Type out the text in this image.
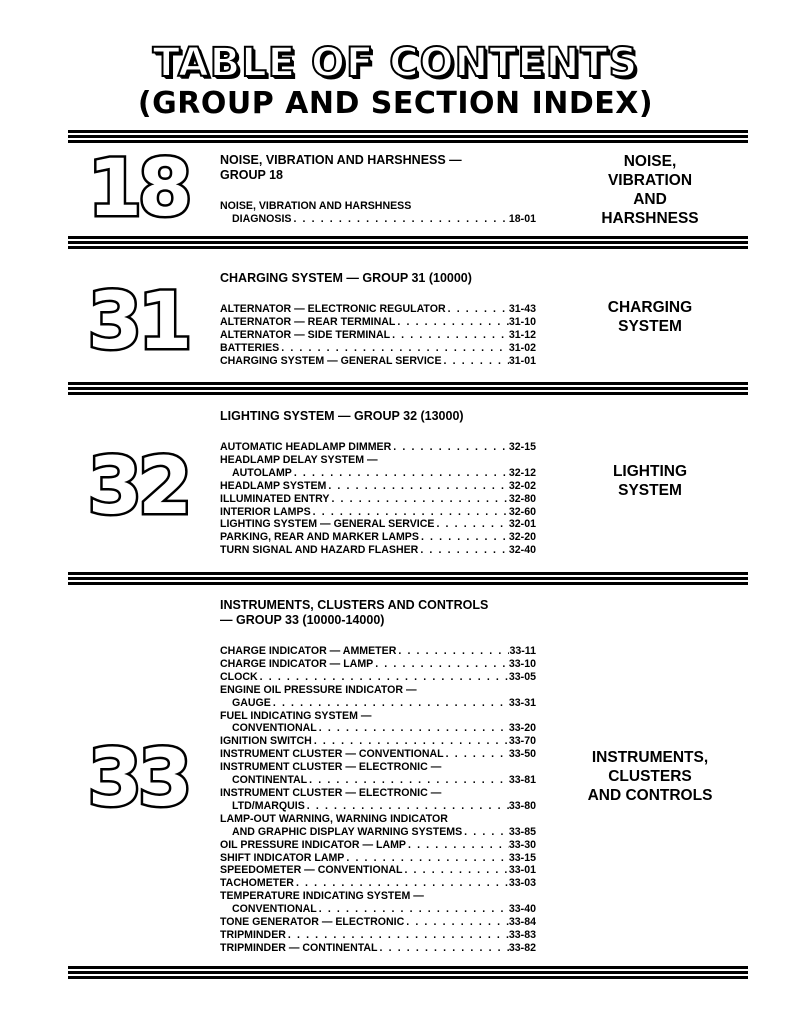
TABLE OF CONTENTS
(GROUP AND SECTION INDEX)
18	NOISE, VIBRATION AND HARSHNESS —
GROUP 18
NOISE, VIBRATION AND HARSHNESS
DIAGNOSIS . . .	18-01
NOISE,
VIBRATION
AND
HARSHNESS
31	CHARGING SYSTEM — GROUP 31 (10000)
ALTERNATOR — ELECTRONIC REGULATOR . . .	31-43
ALTERNATOR — REAR TERMINAL . . .	31-10
ALTERNATOR — SIDE TERMINAL . . .	31-12
BATTERIES . . .	31-02
CHARGING SYSTEM — GENERAL SERVICE . . .	31-01
CHARGING
SYSTEM
32
LIGHTING SYSTEM — GROUP 32 (13000)
AUTOMATIC HEADLAMP DIMMER . . .	32-15
HEADLAMP DELAY SYSTEM —
AUTOLAMP . . .	32-12
HEADLAMP SYSTEM . . .	32-02
ILLUMINATED ENTRY . . .	32-80
INTERIOR LAMPS . . .	32-60
LIGHTING SYSTEM — GENERAL SERVICE . . .	32-01
PARKING, REAR AND MARKER LAMPS . . .	32-20
TURN SIGNAL AND HAZARD FLASHER . . .	32-40
LIGHTING
SYSTEM
33
INSTRUMENTS, CLUSTERS AND CONTROLS
— GROUP 33 (10000-14000)
CHARGE INDICATOR — AMMETER . . .	33-11
CHARGE INDICATOR — LAMP . . .	33-10
CLOCK . . .	33-05
ENGINE OIL PRESSURE INDICATOR —
GAUGE . . .	33-31
FUEL INDICATING SYSTEM —
CONVENTIONAL . . .	33-20
IGNITION SWITCH . . .	33-70
INSTRUMENT CLUSTER — CONVENTIONAL . . .	33-50
INSTRUMENT CLUSTER — ELECTRONIC —
CONTINENTAL . . .	33-81
INSTRUMENT CLUSTER — ELECTRONIC —
LTD/MARQUIS . . .	33-80
LAMP-OUT WARNING, WARNING INDICATOR
AND GRAPHIC DISPLAY WARNING SYSTEMS . . .	33-85
OIL PRESSURE INDICATOR — LAMP . . .	33-30
SHIFT INDICATOR LAMP . . .	33-15
SPEEDOMETER — CONVENTIONAL . . .	33-01
TACHOMETER . . .	33-03
TEMPERATURE INDICATING SYSTEM —
CONVENTIONAL . . .	33-40
TONE GENERATOR — ELECTRONIC . . .	33-84
TRIPMINDER . . .	33-83
TRIPMINDER — CONTINENTAL . . .	33-82
INSTRUMENTS,
CLUSTERS
AND CONTROLS
